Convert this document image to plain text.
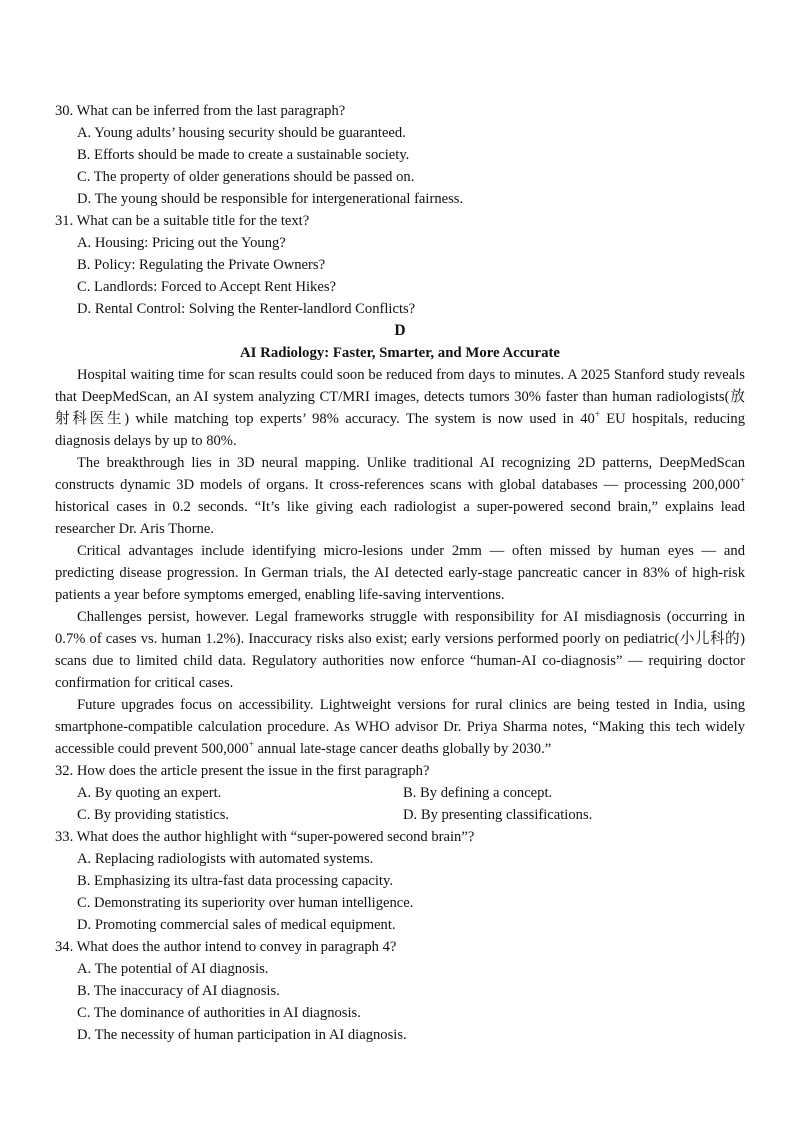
30. What can be inferred from the last paragraph?

A. Young adults’ housing security should be guaranteed.

B. Efforts should be made to create a sustainable society.

C. The property of older generations should be passed on.

D. The young should be responsible for intergenerational fairness.

31. What can be a suitable title for the text?

A. Housing: Pricing out the Young?

B. Policy: Regulating the Private Owners?

C. Landlords: Forced to Accept Rent Hikes?

D. Rental Control: Solving the Renter-landlord Conflicts?

D

AI Radiology: Faster, Smarter, and More Accurate

Hospital waiting time for scan results could soon be reduced from days to minutes. A 2025 Stanford study reveals that DeepMedScan, an AI system analyzing CT/MRI images, detects tumors 30% faster than human radiologists(放射科医生) while matching top experts’ 98% accuracy. The system is now used in 40+ EU hospitals, reducing diagnosis delays by up to 80%.

The breakthrough lies in 3D neural mapping. Unlike traditional AI recognizing 2D patterns, DeepMedScan constructs dynamic 3D models of organs. It cross-references scans with global databases — processing 200,000+ historical cases in 0.2 seconds. “It’s like giving each radiologist a super-powered second brain,” explains lead researcher Dr. Aris Thorne.

Critical advantages include identifying micro-lesions under 2mm — often missed by human eyes — and predicting disease progression. In German trials, the AI detected early-stage pancreatic cancer in 83% of high-risk patients a year before symptoms emerged, enabling life-saving interventions.

Challenges persist, however. Legal frameworks struggle with responsibility for AI misdiagnosis (occurring in 0.7% of cases vs. human 1.2%). Inaccuracy risks also exist; early versions performed poorly on pediatric(小儿科的) scans due to limited child data. Regulatory authorities now enforce “human-AI co-diagnosis” — requiring doctor confirmation for critical cases.

Future upgrades focus on accessibility. Lightweight versions for rural clinics are being tested in India, using smartphone-compatible calculation procedure. As WHO advisor Dr. Priya Sharma notes, “Making this tech widely accessible could prevent 500,000+ annual late-stage cancer deaths globally by 2030.”

32. How does the article present the issue in the first paragraph?

A. By quoting an expert.	B. By defining a concept.

C. By providing statistics.	D. By presenting classifications.

33. What does the author highlight with “super-powered second brain”?

A. Replacing radiologists with automated systems.

B. Emphasizing its ultra-fast data processing capacity.

C. Demonstrating its superiority over human intelligence.

D. Promoting commercial sales of medical equipment.

34. What does the author intend to convey in paragraph 4?

A. The potential of AI diagnosis.

B. The inaccuracy of AI diagnosis.

C. The dominance of authorities in AI diagnosis.

D. The necessity of human participation in AI diagnosis.
